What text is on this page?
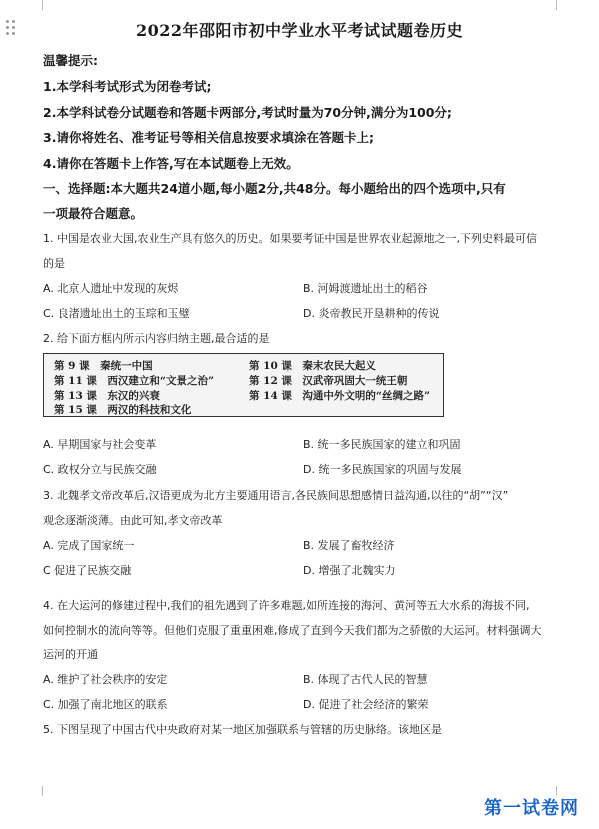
2022年邵阳市初中学业水平考试试题卷历史
温馨提示:
1.本学科考试形式为闭卷考试;
2.本学科试卷分试题卷和答题卡两部分,考试时量为70分钟,满分为100分;
3.请你将姓名、准考证号等相关信息按要求填涂在答题卡上;
4.请你在答题卡上作答,写在本试题卷上无效。
一、选择题:本大题共24道小题,每小题2分,共48分。每小题给出的四个选项中,只有
一项最符合题意。
1. 中国是农业大国,农业生产具有悠久的历史。如果要考证中国是世界农业起源地之一,下列史料最可信
的是
A. 北京人遗址中发现的灰烬	B. 河姆渡遗址出土的稻谷
C. 良渚遗址出土的玉琮和玉璧	D. 炎帝教民开垦耕种的传说
2. 给下面方框内所示内容归纳主题,最合适的是
第 9 课　秦统一中国	第 10 课　秦末农民大起义
第 11 课　西汉建立和“文景之治”	第 12 课　汉武帝巩固大一统王朝
第 13 课　东汉的兴衰	第 14 课　沟通中外文明的“丝绸之路”
第 15 课　两汉的科技和文化
A. 早期国家与社会变革	B. 统一多民族国家的建立和巩固
C. 政权分立与民族交融	D. 统一多民族国家的巩固与发展
3. 北魏孝文帝改革后,汉语更成为北方主要通用语言,各民族间思想感情日益沟通,以往的“胡”“汉”
观念逐渐淡薄。由此可知,孝文帝改革
A. 完成了国家统一	B. 发展了畜牧经济
C 促进了民族交融	D. 增强了北魏实力
4. 在大运河的修建过程中,我们的祖先遇到了许多难题,如所连接的海河、黄河等五大水系的海拔不同,
如何控制水的流向等等。但他们克服了重重困难,修成了直到今天我们都为之骄傲的大运河。材料强调大
运河的开通
A. 维护了社会秩序的安定	B. 体现了古代人民的智慧
C. 加强了南北地区的联系	D. 促进了社会经济的繁荣
5. 下图呈现了中国古代中央政府对某一地区加强联系与管辖的历史脉络。该地区是
第一试卷网
